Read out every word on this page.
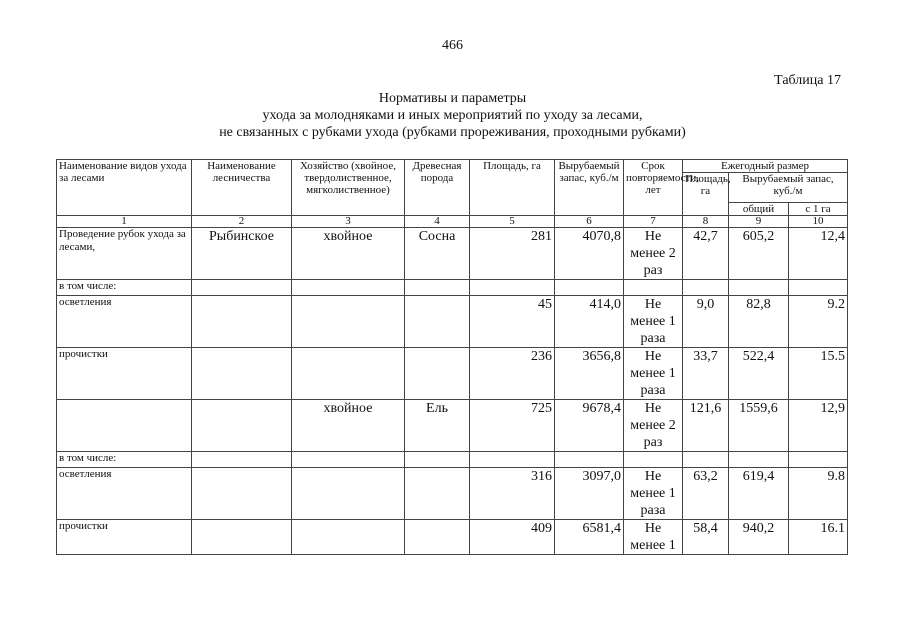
466
Таблица 17
Нормативы и параметры
ухода за молодняками и иных мероприятий по уходу за лесами,
не связанных с рубками ухода (рубками прореживания, проходными рубками)
Наименование видов ухода за лесами	Наименование лесничества	Хозяйство (хвойное, твердолиственное, мягколиственное)	Древесная порода	Площадь, га	Вырубаемый запас, куб./м	Срок повторяемости, лет	Ежегодный размер		
							Площадь, га	Вырубаемый запас, куб./м	
								общий	с 1 га
1	2	3	4	5	6	7	8	9	10
Проведение рубок ухода за лесами,	Рыбинское	хвойное	Сосна	281	4070,8	Не менее 2 раз	42,7	605,2	12,4
в том числе:									
осветления				45	414,0	Не менее 1 раза	9,0	82,8	9.2
прочистки				236	3656,8	Не менее 1 раза	33,7	522,4	15.5
		хвойное	Ель	725	9678,4	Не менее 2 раз	121,6	1559,6	12,9
в том числе:									
осветления				316	3097,0	Не менее 1 раза	63,2	619,4	9.8
прочистки				409	6581,4	Не менее 1	58,4	940,2	16.1
